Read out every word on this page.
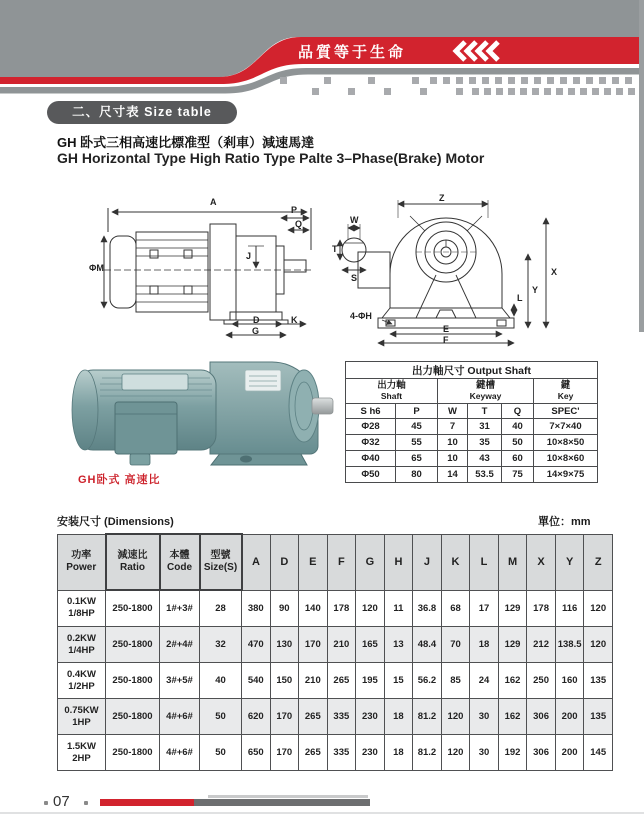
品質等于生命
二、尺寸表 Size table
GH 卧式三相高速比標准型（剎車）減速馬達
GH Horizontal Type High Ratio Type Palte 3–Phase(Brake) Motor
A
ΦM
P
Q
J
D	K
G
Z
W
T
S
X
Y
L
E
F
4-ΦH
GH卧式 高速比
出力軸尺寸 Output Shaft					
出力軸
Shaft		鍵槽
Keyway			鍵
Key
S h6	P	W	T	Q	SPEC'
Φ28	45	7	31	40	7×7×40
Φ32	55	10	35	50	10×8×50
Φ40	65	10	43	60	10×8×60
Φ50	80	14	53.5	75	14×9×75
安装尺寸 (Dimensions)	單位：mm
功率
Power	減速比
Ratio	本體
Code	型號
Size(S)	A	D	E	F	G	H	J	K	L	M	X	Y	Z

0.1KW
1/8HP	250-1800	1#+3#	28	380	90	140	178	120	11	36.8	68	17	129	178	116	120

0.2KW
1/4HP	250-1800	2#+4#	32	470	130	170	210	165	13	48.4	70	18	129	212	138.5	120

0.4KW
1/2HP	250-1800	3#+5#	40	540	150	210	265	195	15	56.2	85	24	162	250	160	135

0.75KW
1HP	250-1800	4#+6#	50	620	170	265	335	230	18	81.2	120	30	162	306	200	135

1.5KW
2HP	250-1800	4#+6#	50	650	170	265	335	230	18	81.2	120	30	192	306	200	145
07
